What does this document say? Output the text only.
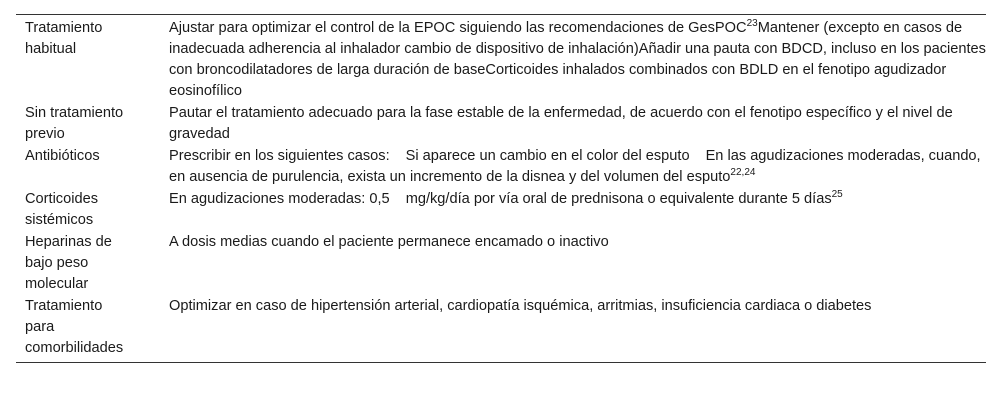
Tratamiento
habitual
Ajustar para optimizar el control de la EPOC siguiendo las recomendaciones de GesPOC$^{23}$Mantener (excepto en casos de inadecuada adherencia al inhalador cambio de dispositivo de inhalación)Añadir una pauta con BDCD, incluso en los pacientes con broncodilatadores de larga duración de baseCorticoides inhalados combinados con BDLD en el fenotipo agudizador eosinofílico
Sin tratamiento
previo
Pautar el tratamiento adecuado para la fase estable de la enfermedad, de acuerdo con el fenotipo específico y el nivel de gravedad
Antibióticos	Prescribir en los siguientes casos: Si aparece un cambio en el color del esputo En las agudizaciones moderadas, cuando, en ausencia de purulencia, exista un incremento de la disnea y del volumen del esputo$^{22,24}$
Corticoides
sistémicos
En agudizaciones moderadas: 0,5 mg/kg/día por vía oral de prednisona o equivalente durante 5 días$^{25}$
Heparinas de
bajo peso
molecular
A dosis medias cuando el paciente permanece encamado o inactivo
Tratamiento
para
comorbilidades
Optimizar en caso de hipertensión arterial, cardiopatía isquémica, arritmias, insuficiencia cardiaca o diabetes
